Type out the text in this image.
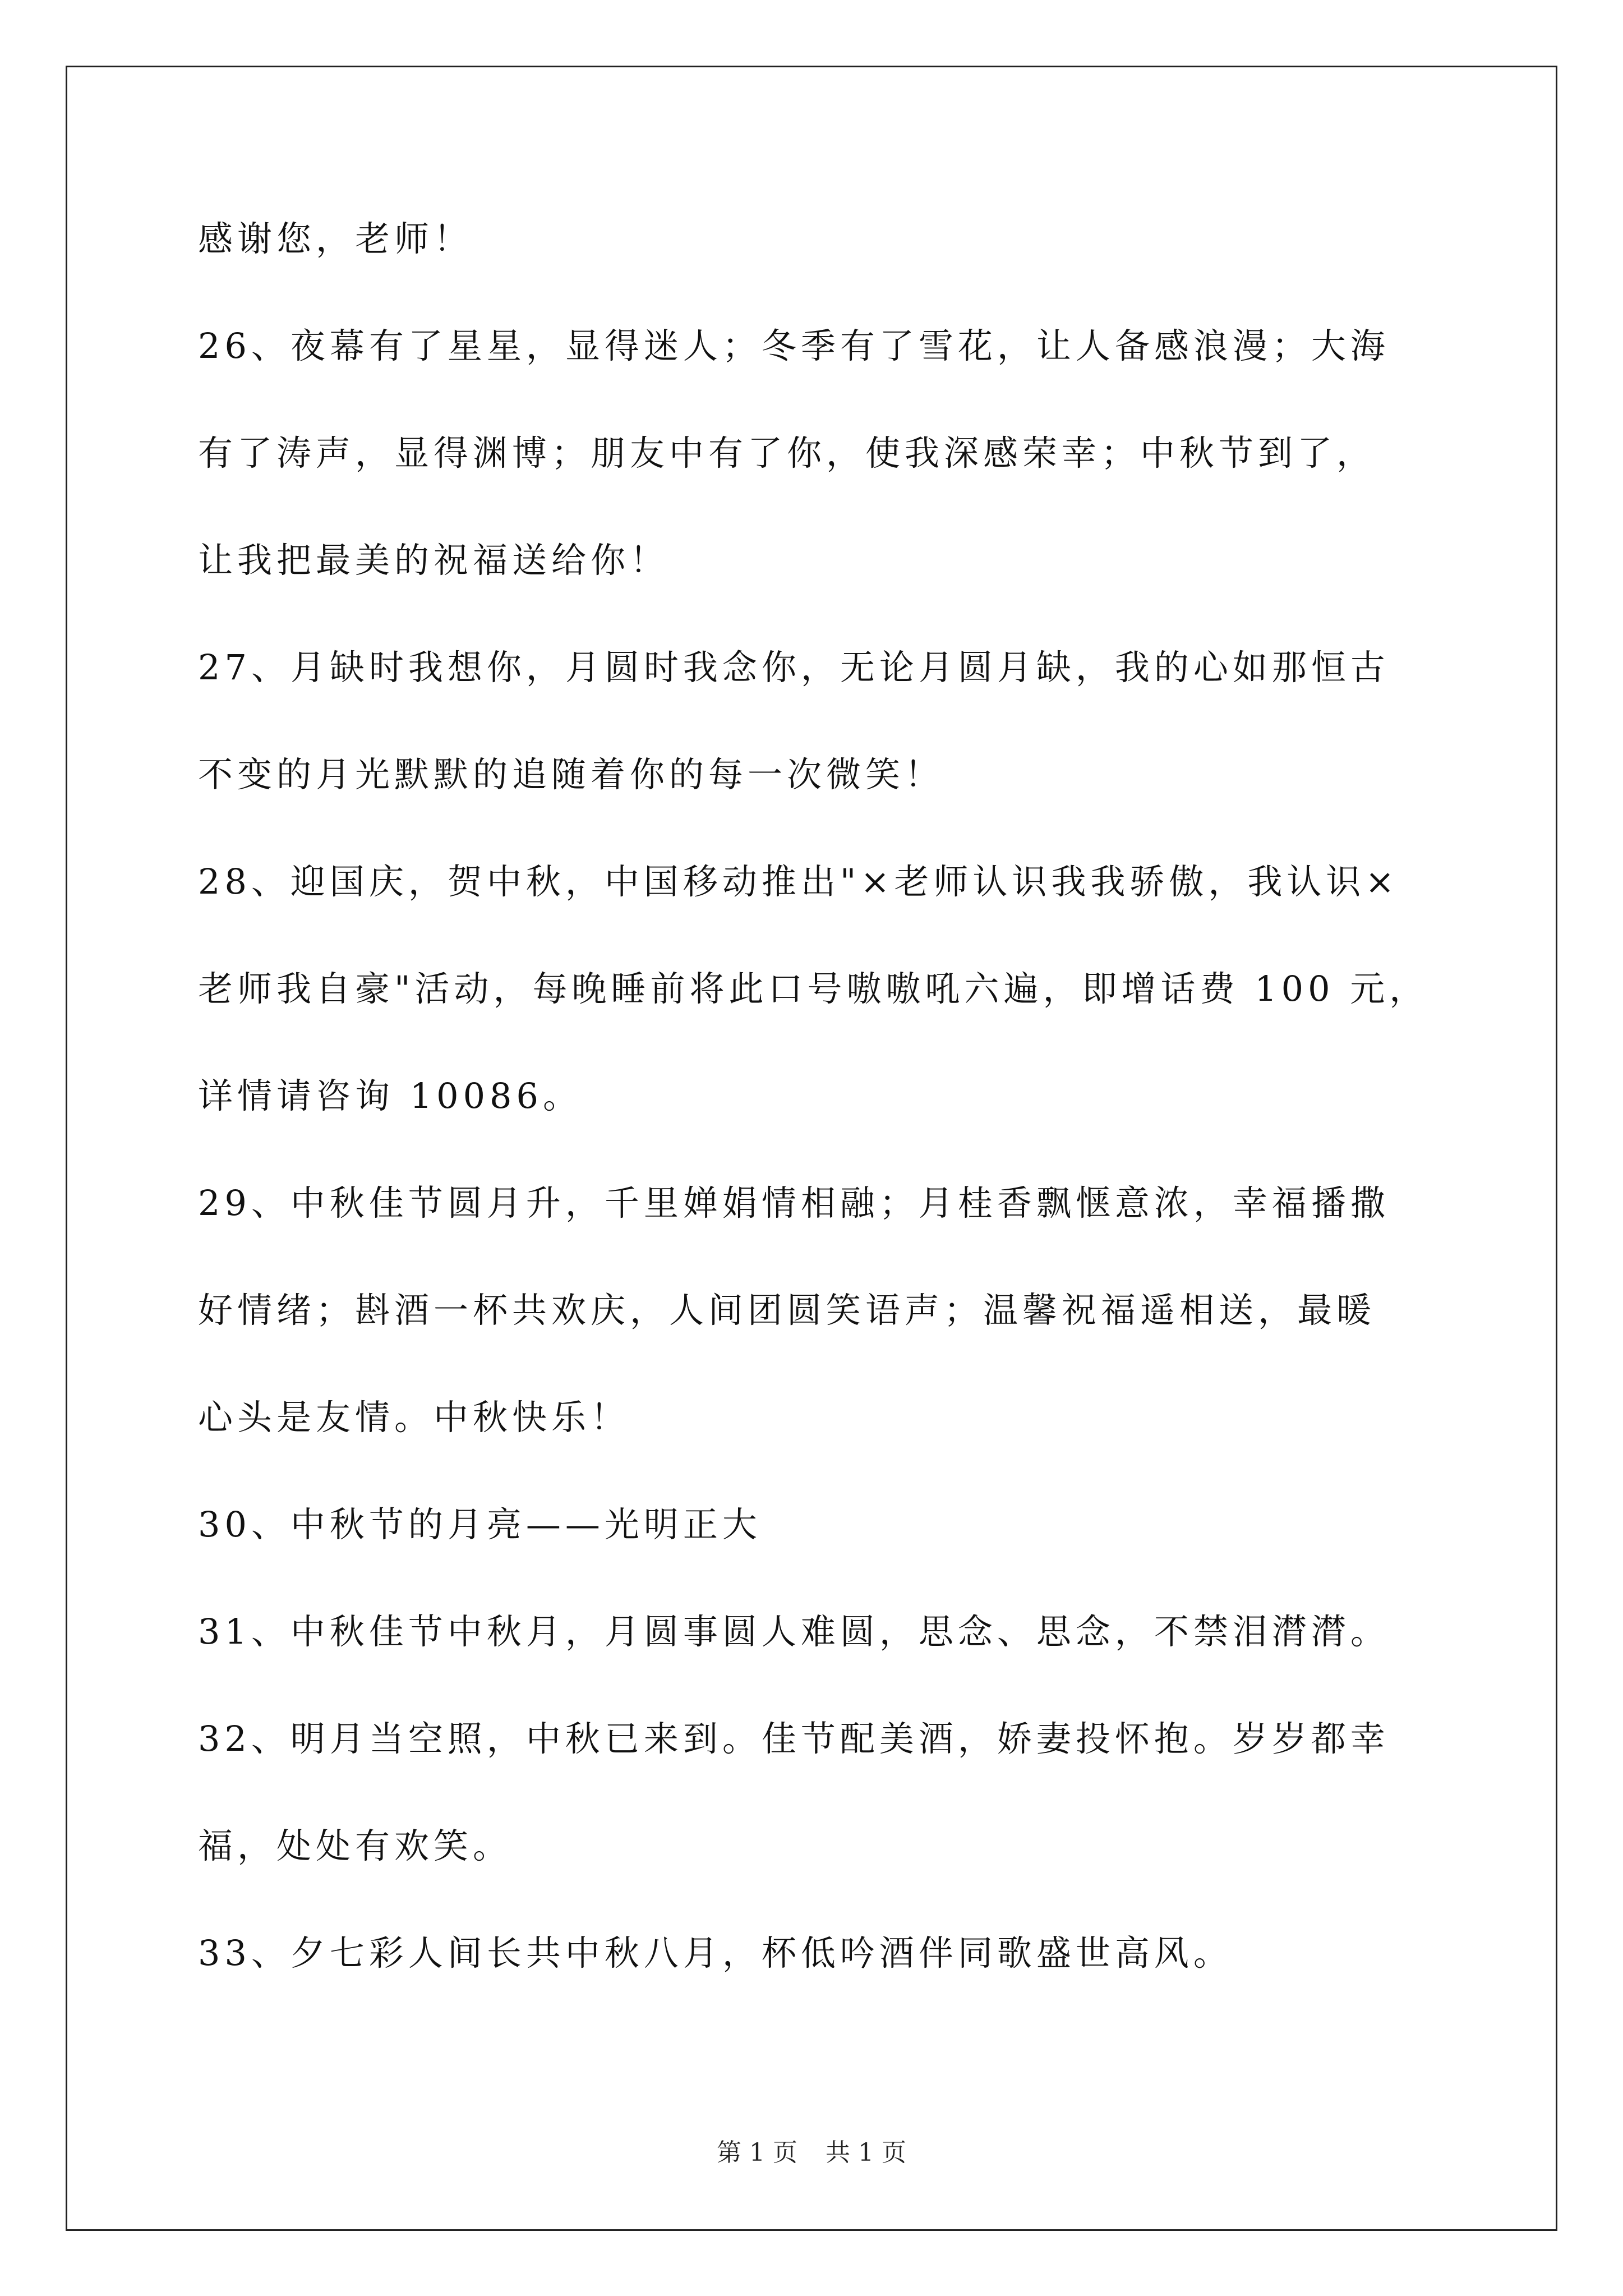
感谢您，老师！
26、夜幕有了星星，显得迷人；冬季有了雪花，让人备感浪漫；大海
有了涛声，显得渊博；朋友中有了你，使我深感荣幸；中秋节到了，
让我把最美的祝福送给你！
27、月缺时我想你，月圆时我念你，无论月圆月缺，我的心如那恒古
不变的月光默默的追随着你的每一次微笑！
28、迎国庆，贺中秋，中国移动推出"×老师认识我我骄傲，我认识×
老师我自豪"活动，每晚睡前将此口号嗷嗷吼六遍，即增话费 100 元，
详情请咨询 10086。
29、中秋佳节圆月升，千里婵娟情相融；月桂香飘惬意浓，幸福播撒
好情绪；斟酒一杯共欢庆，人间团圆笑语声；温馨祝福遥相送，最暖
心头是友情。中秋快乐！
30、中秋节的月亮——光明正大
31、中秋佳节中秋月，月圆事圆人难圆，思念、思念，不禁泪潸潸。
32、明月当空照，中秋已来到。佳节配美酒，娇妻投怀抱。岁岁都幸
福，处处有欢笑。
33、夕七彩人间长共中秋八月，杯低吟酒伴同歌盛世高风。
第 1 页 共 1 页
